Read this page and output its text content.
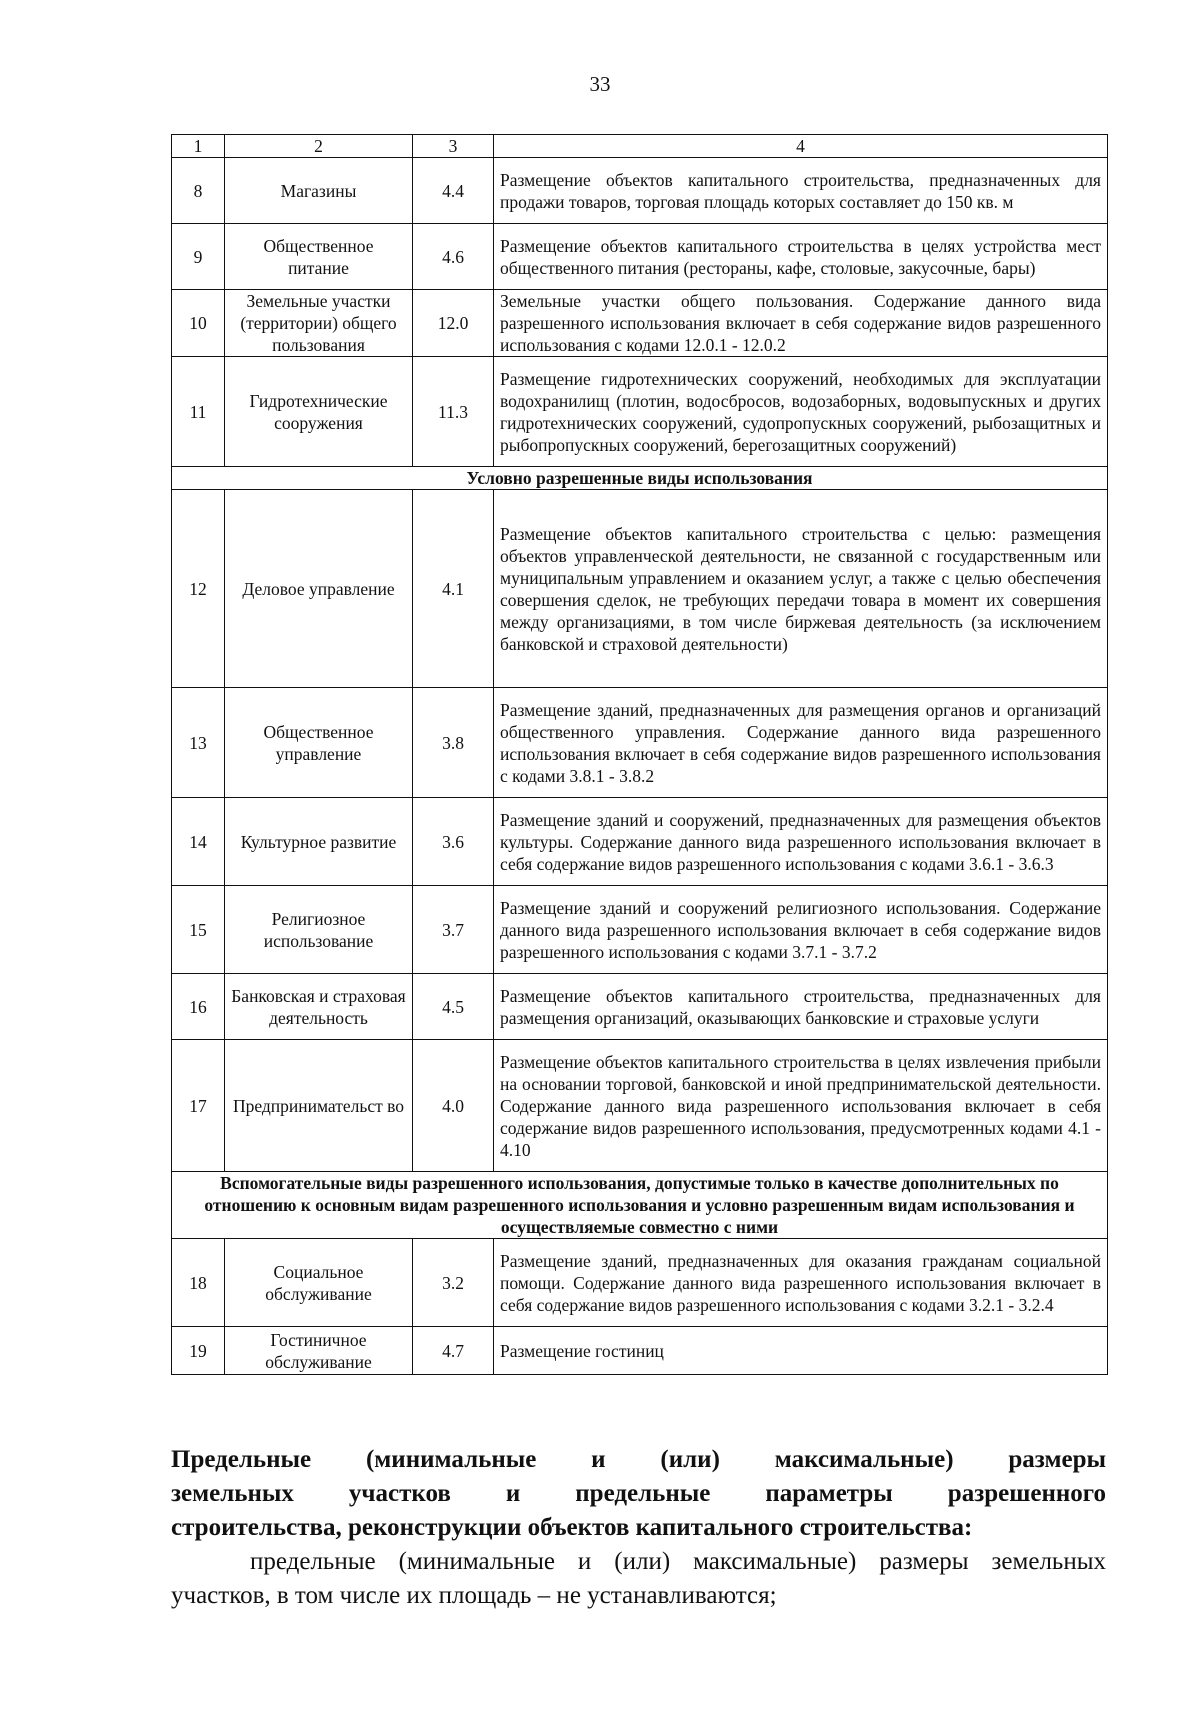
33
1	2	3	4
8	Магазины	4.4	Размещение объектов капитального строительства, предназначенных для продажи товаров, торговая площадь которых составляет до 150 кв. м
9	Общественное питание	4.6	Размещение объектов капитального строительства в целях устройства мест общественного питания (рестораны, кафе, столовые, закусочные, бары)
10	Земельные участки (территории) общего пользования	12.0	Земельные участки общего пользования. Содержание данного вида разрешенного использования включает в себя содержание видов разрешенного использования с кодами 12.0.1 - 12.0.2
11	Гидротехнические сооружения	11.3	Размещение гидротехнических сооружений, необходимых для эксплуатации водохранилищ (плотин, водосбросов, водозаборных, водовыпускных и других гидротехнических сооружений, судопропускных сооружений, рыбозащитных и рыбопропускных сооружений, берегозащитных сооружений)
Условно разрешенные виды использования			
12	Деловое управление	4.1	Размещение объектов капитального строительства с целью: размещения объектов управленческой деятельности, не связанной с государственным или муниципальным управлением и оказанием услуг, а также с целью обеспечения совершения сделок, не требующих передачи товара в момент их совершения между организациями, в том числе биржевая деятельность (за исключением банковской и страховой деятельности)
13	Общественное управление	3.8	Размещение зданий, предназначенных для размещения органов и организаций общественного управления. Содержание данного вида разрешенного использования включает в себя содержание видов разрешенного использования с кодами 3.8.1 - 3.8.2
14	Культурное развитие	3.6	Размещение зданий и сооружений, предназначенных для размещения объектов культуры. Содержание данного вида разрешенного использования включает в себя содержание видов разрешенного использования с кодами 3.6.1 - 3.6.3
15	Религиозное использование	3.7	Размещение зданий и сооружений религиозного использования. Содержание данного вида разрешенного использования включает в себя содержание видов разрешенного использования с кодами 3.7.1 - 3.7.2
16	Банковская и страховая деятельность	4.5	Размещение объектов капитального строительства, предназначенных для размещения организаций, оказывающих банковские и страховые услуги
17	Предпринимательст во	4.0	Размещение объектов капитального строительства в целях извлечения прибыли на основании торговой, банковской и иной предпринимательской деятельности. Содержание данного вида разрешенного использования включает в себя содержание видов разрешенного использования, предусмотренных кодами 4.1 - 4.10
Вспомогательные виды разрешенного использования, допустимые только в качестве дополнительных по отношению к основным видам разрешенного использования и условно разрешенным видам использования и осуществляемые совместно с ними			
18	Социальное обслуживание	3.2	Размещение зданий, предназначенных для оказания гражданам социальной помощи. Содержание данного вида разрешенного использования включает в себя содержание видов разрешенного использования с кодами 3.2.1 - 3.2.4
19	Гостиничное обслуживание	4.7	Размещение гостиниц
Предельные (минимальные и (или) максимальные) размеры
земельных участков и предельные параметры разрешенного
строительства, реконструкции объектов капитального строительства:
предельные (минимальные и (или) максимальные) размеры земельных участков, в том числе их площадь – не устанавливаются;
